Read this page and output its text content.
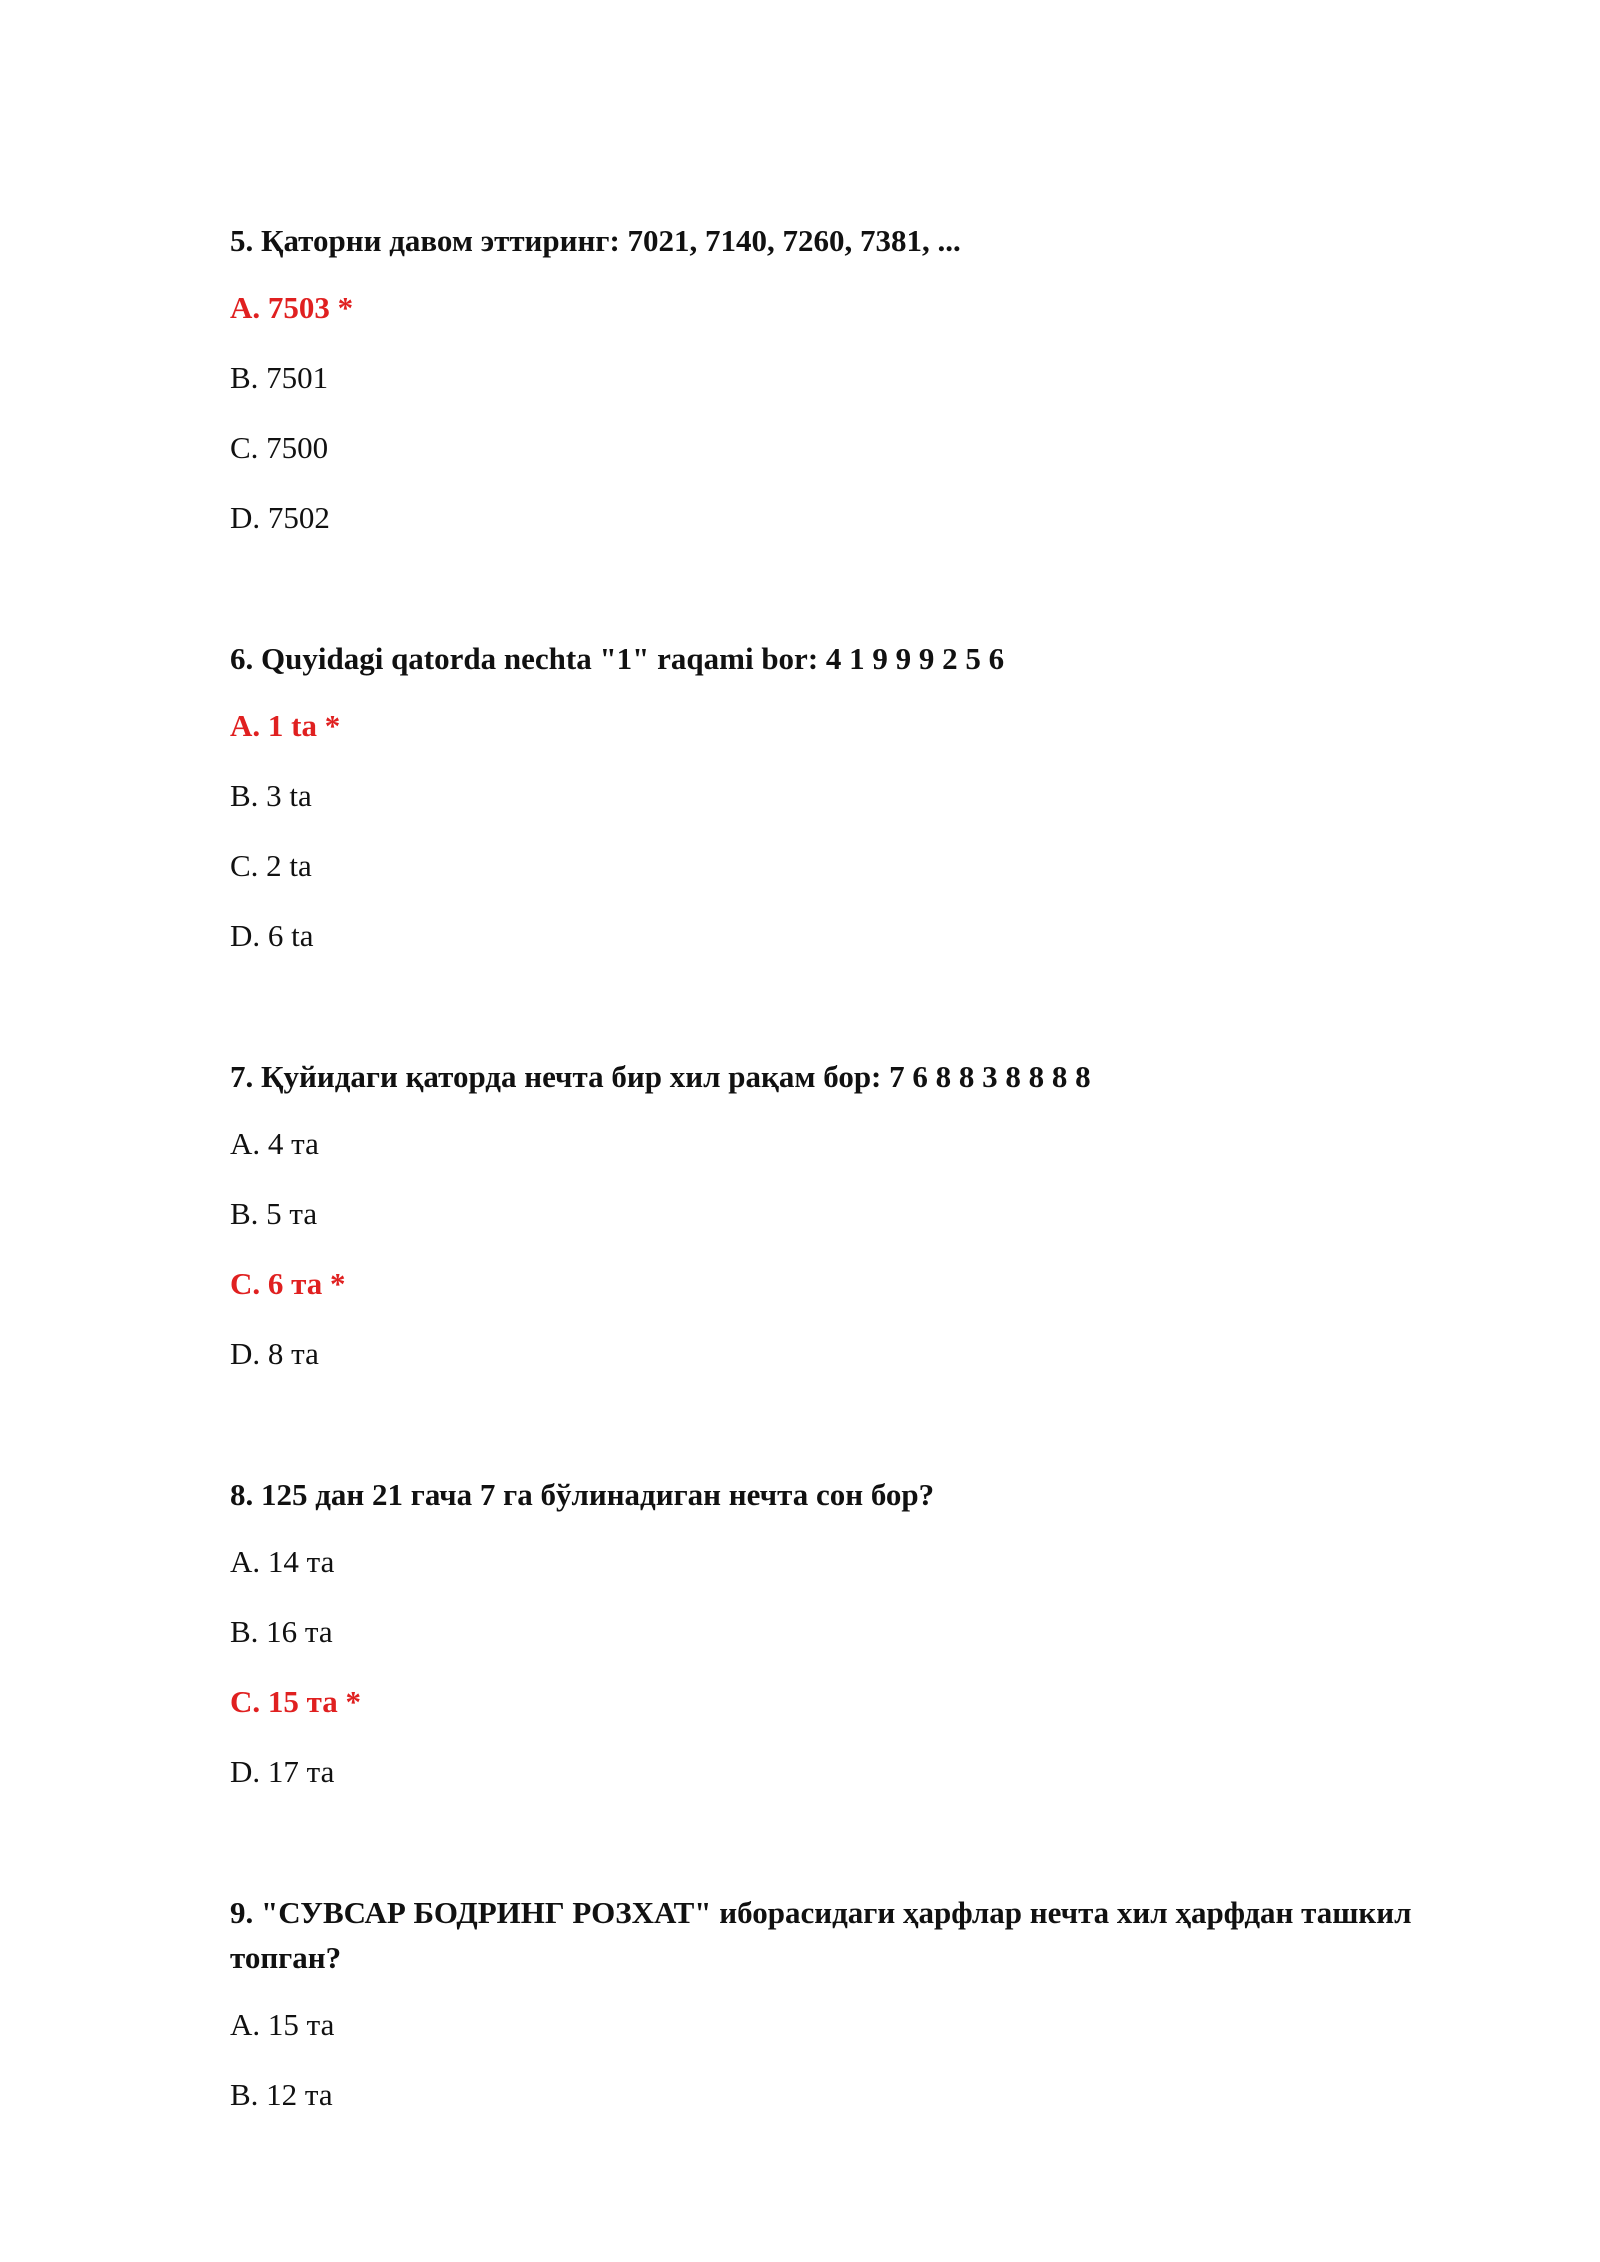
5. Қаторни давом эттиринг: 7021, 7140, 7260, 7381, ...

A. 7503 *
B. 7501
C. 7500
D. 7502

6. Quyidagi qatorda nechta "1" raqami bor: 4 1 9 9 9 2 5 6

A. 1 ta *
B. 3 ta
C. 2 ta
D. 6 ta

7. Қуйидаги қаторда нечта бир хил рақам бор: 7 6 8 8 3 8 8 8 8

A. 4 та
B. 5 та
C. 6 та *
D. 8 та

8. 125 дан 21 гача 7 га бўлинадиган нечта сон бор?

A. 14 та
B. 16 та
C. 15 та *
D. 17 та

9. "СУВСАР БОДРИНГ РОЗХАТ" иборасидаги ҳарфлар нечта хил ҳарфдан ташкил топган?

A. 15 та
B. 12 та
